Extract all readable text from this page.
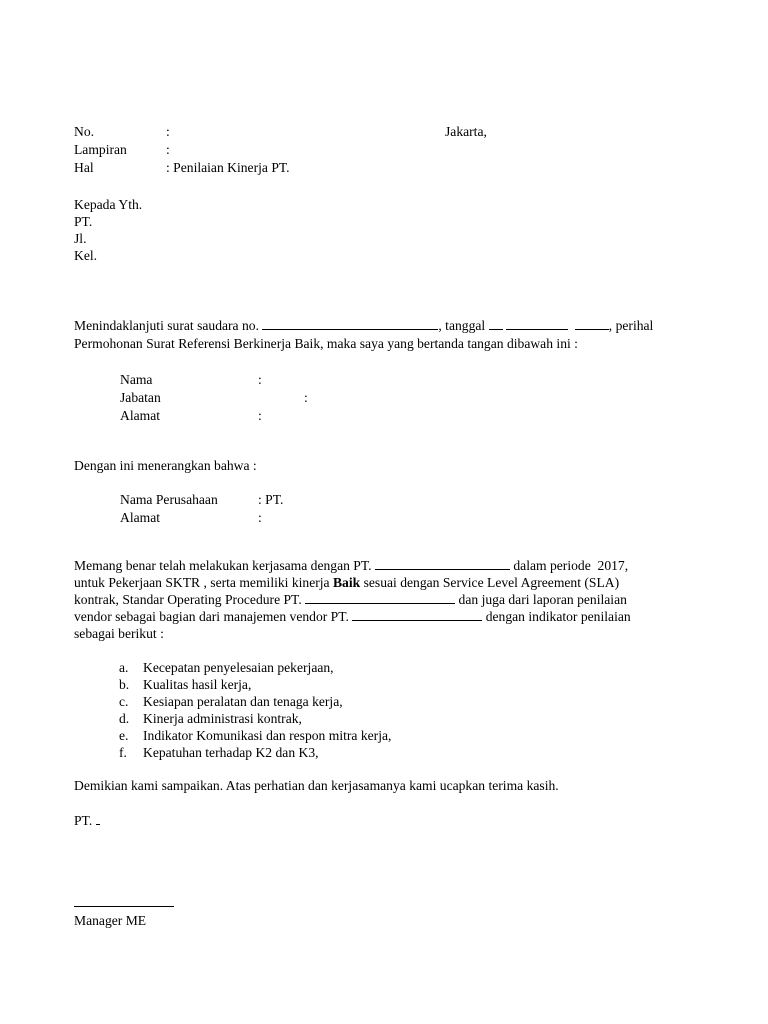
No.	:	Jakarta,
Lampiran	:
Hal	: Penilaian Kinerja PT.
Kepada Yth.
PT.
Jl.
Kel.
Menindaklanjuti surat saudara no.	, tanggal	, perihal
Permohonan Surat Referensi Berkinerja Baik, maka saya yang bertanda tangan dibawah ini :
Nama	:
Jabatan	:
Alamat	:
Dengan ini menerangkan bahwa :
Nama Perusahaan	: PT.
Alamat	:
Memang benar telah melakukan kerjasama dengan PT.	dalam periode  2017,
untuk Pekerjaan SKTR , serta memiliki kinerja Baik sesuai dengan Service Level Agreement (SLA)
kontrak, Standar Operating Procedure PT.	dan juga dari laporan penilaian
vendor sebagai bagian dari manajemen vendor PT.	dengan indikator penilaian
sebagai berikut :
a. Kecepatan penyelesaian pekerjaan,
b. Kualitas hasil kerja,
c. Kesiapan peralatan dan tenaga kerja,
d. Kinerja administrasi kontrak,
e. Indikator Komunikasi dan respon mitra kerja,
f. Kepatuhan terhadap K2 dan K3,
Demikian kami sampaikan. Atas perhatian dan kerjasamanya kami ucapkan terima kasih.
PT.
Manager ME
